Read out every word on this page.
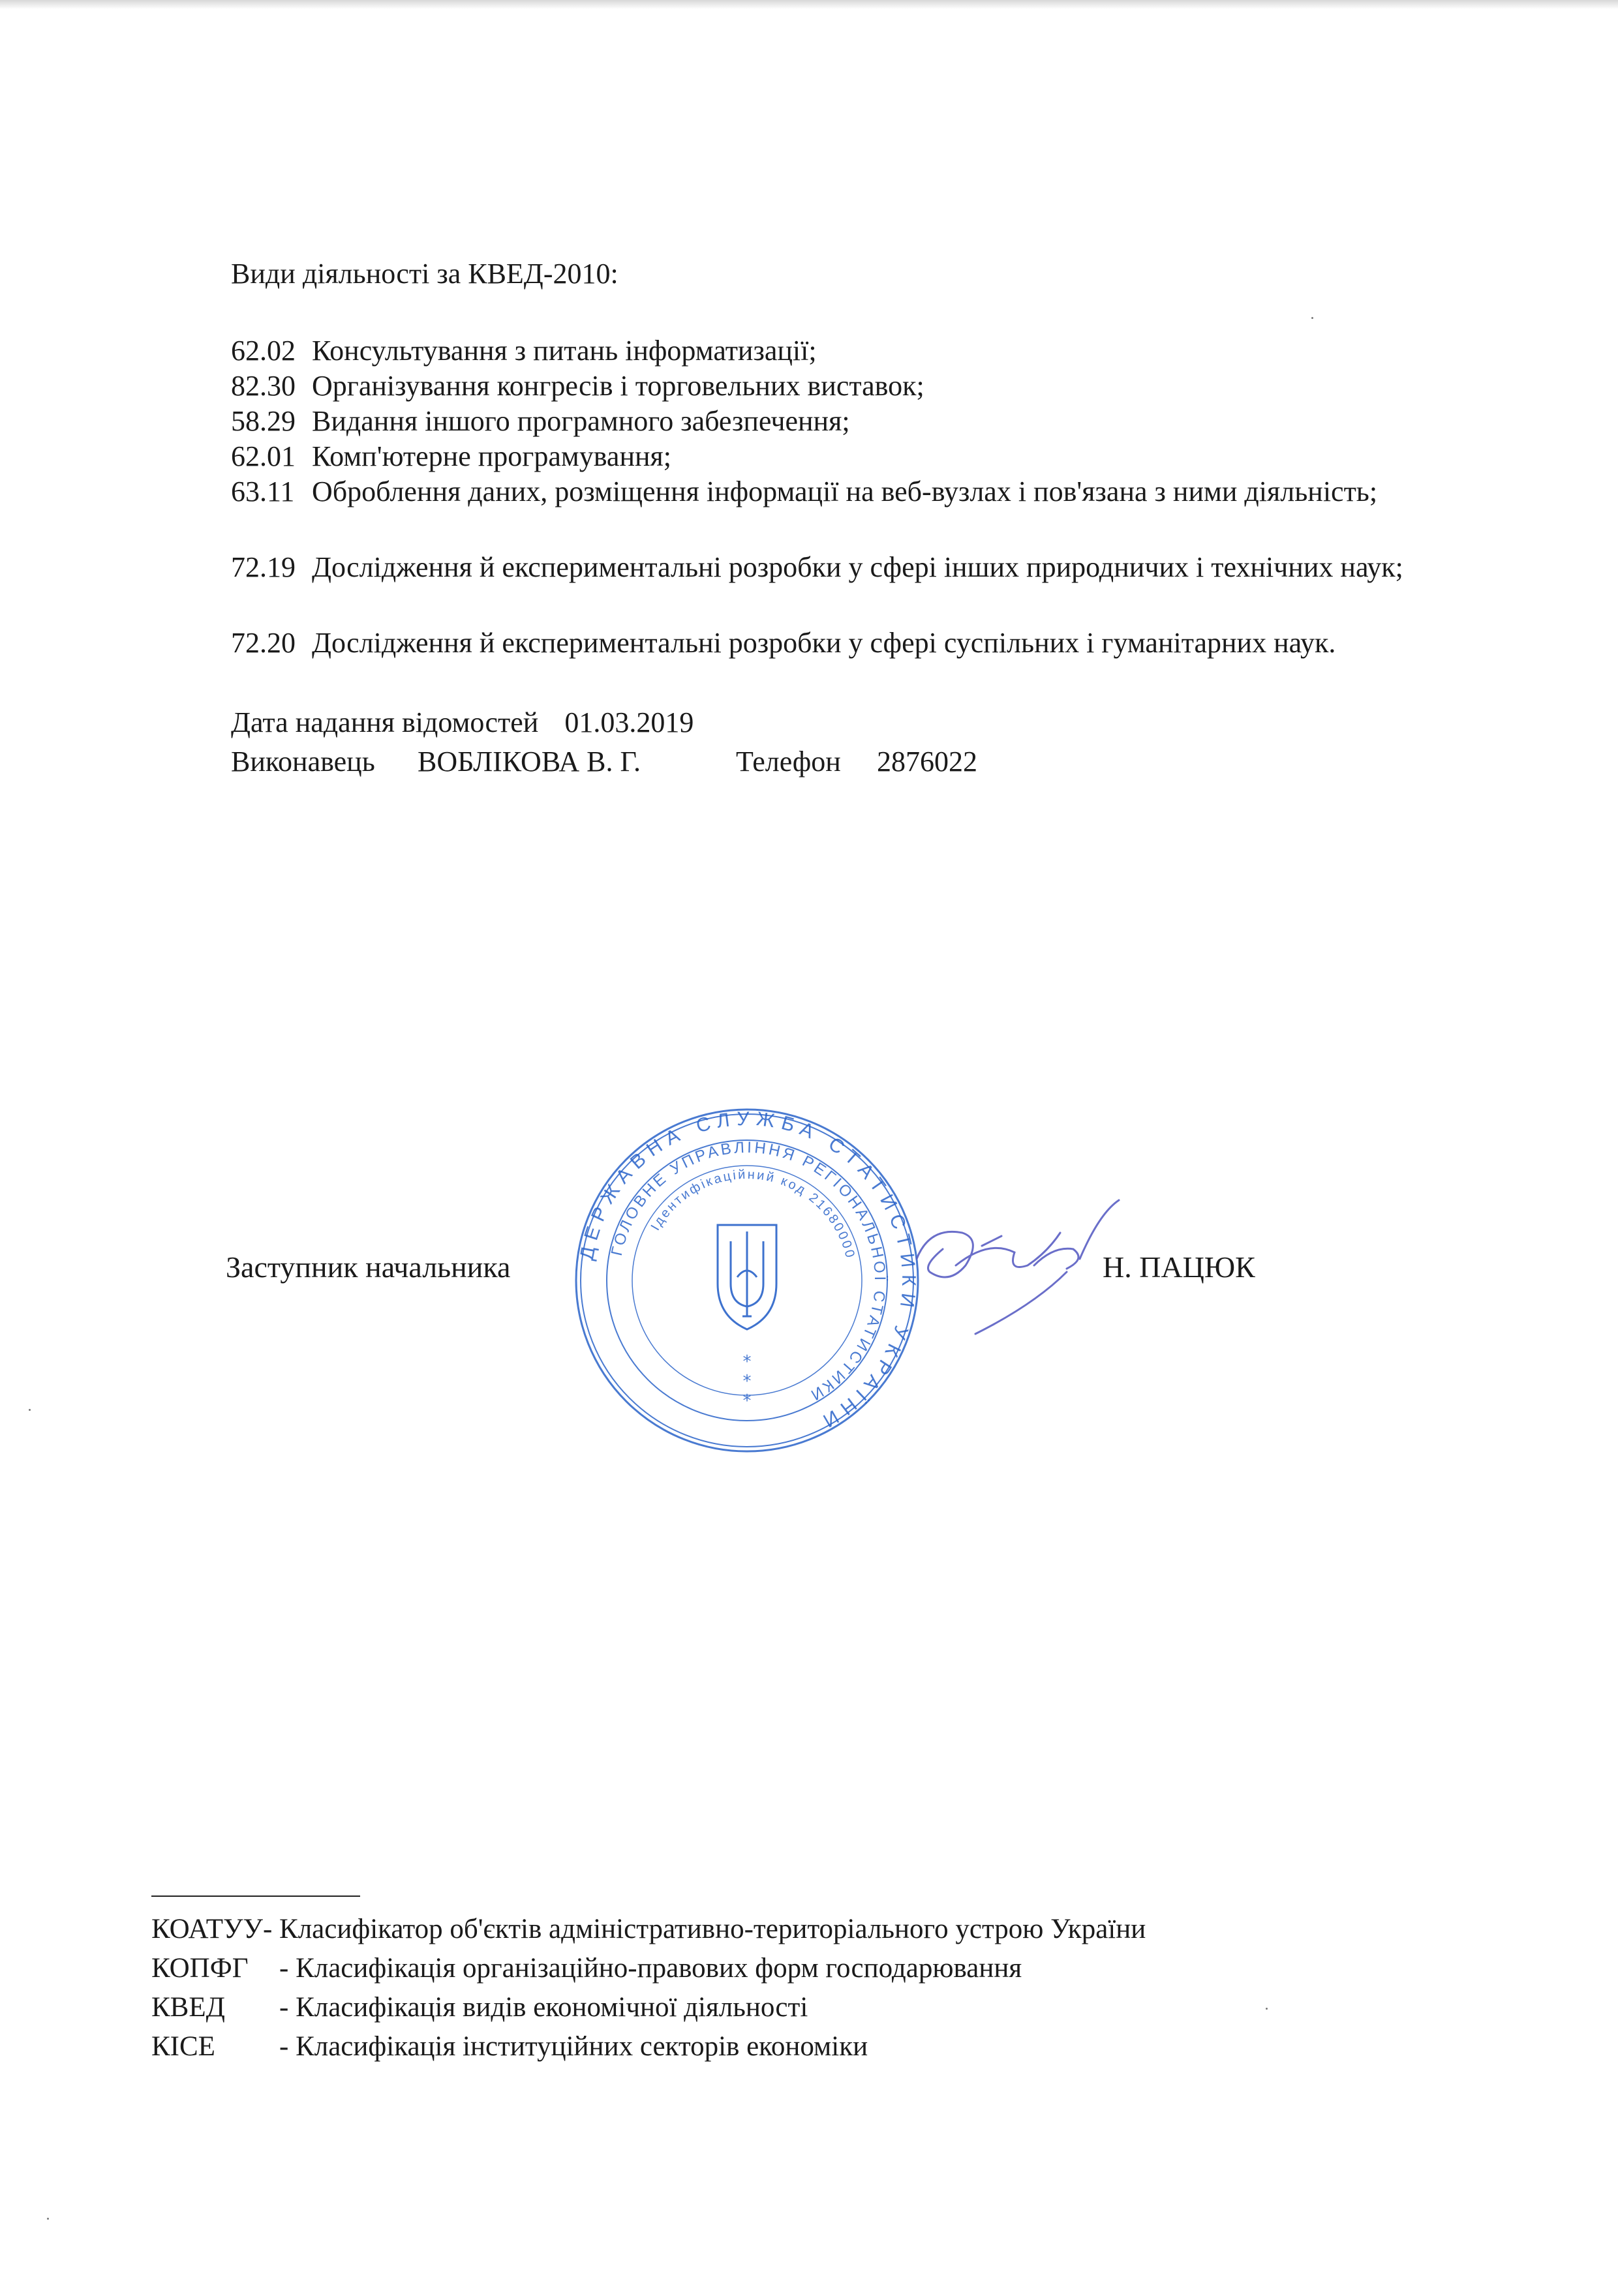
Види діяльності за КВЕД-2010:
62.02 Консультування з питань інформатизації;
82.30 Організування конгресів і торговельних виставок;
58.29 Видання іншого програмного забезпечення;
62.01 Комп'ютерне програмування;
63.11 Оброблення даних, розміщення інформації на веб-вузлах і пов'язана з ними діяльність;
72.19 Дослідження й експериментальні розробки у сфері інших природничих і технічних наук;
72.20 Дослідження й експериментальні розробки у сфері суспільних і гуманітарних наук.
Дата надання відомостей 01.03.2019
Виконавець ВОБЛІКОВА В. Г.	Телефон 2876022
ДЕРЖАВНА СЛУЖБА СТАТИСТИКИ УКРАЇНИ
ГОЛОВНЕ УПРАВЛІННЯ РЕГІОНАЛЬНОЇ СТАТИСТИКИ
Ідентифікаційний код 21680000
*
*
*
Заступник начальника	Н. ПАЦЮК
КОАТУУ- Класифікатор об'єктів адміністративно-територіального устрою України
КОПФГ - Класифікація організаційно-правових форм господарювання
КВЕД - Класифікація видів економічної діяльності
КІСЕ - Класифікація інституційних секторів економіки
